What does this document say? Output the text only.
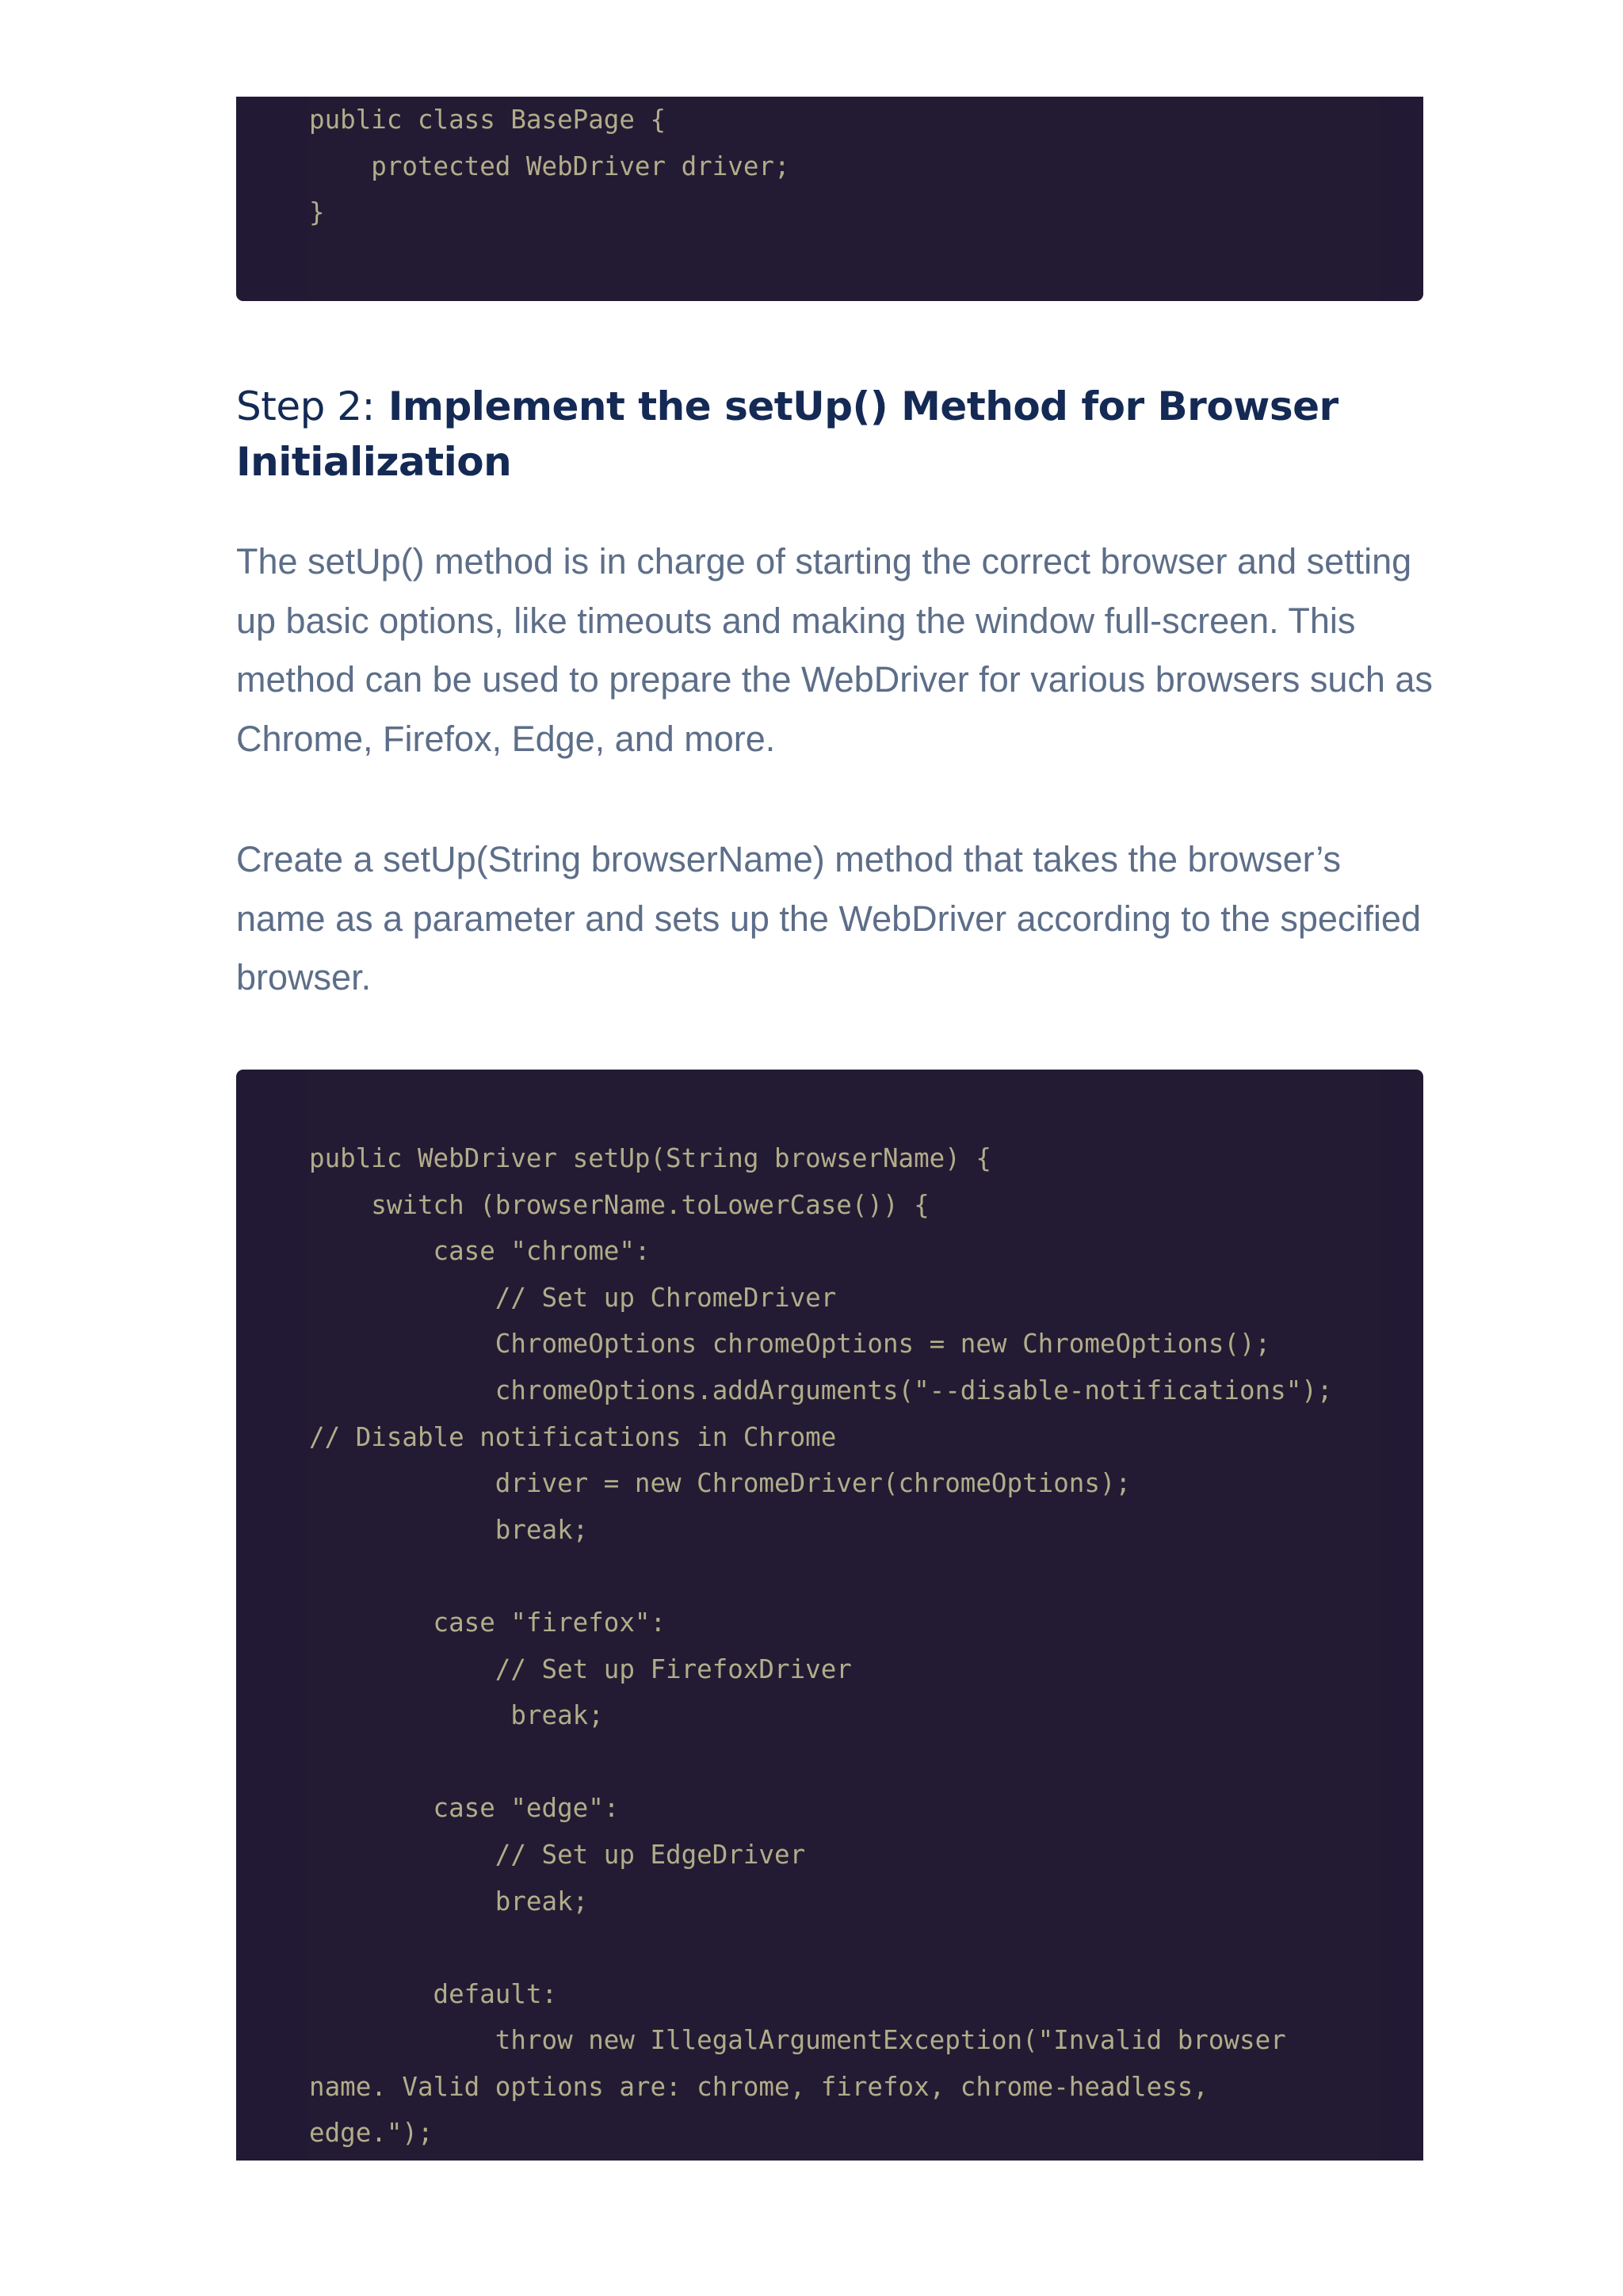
public class BasePage {
protected WebDriver driver;
}
Step 2: Implement the setUp() Method for Browser Initialization

The setUp() method is in charge of starting the correct browser and setting up basic options, like timeouts and making the window full-screen. This method can be used to prepare the WebDriver for various browsers such as Chrome, Firefox, Edge, and more.

Create a setUp(String browserName) method that takes the browser’s name as a parameter and sets up the WebDriver according to the specified browser.

public WebDriver setUp(String browserName) {
switch (browserName.toLowerCase()) {
case "chrome":
// Set up ChromeDriver
ChromeOptions chromeOptions = new ChromeOptions();
chromeOptions.addArguments("--disable-notifications");
// Disable notifications in Chrome
driver = new ChromeDriver(chromeOptions);
break;

case "firefox":
// Set up FirefoxDriver
break;

case "edge":
// Set up EdgeDriver
break;

default:
throw new IllegalArgumentException("Invalid browser
name. Valid options are: chrome, firefox, chrome-headless,
edge.");
